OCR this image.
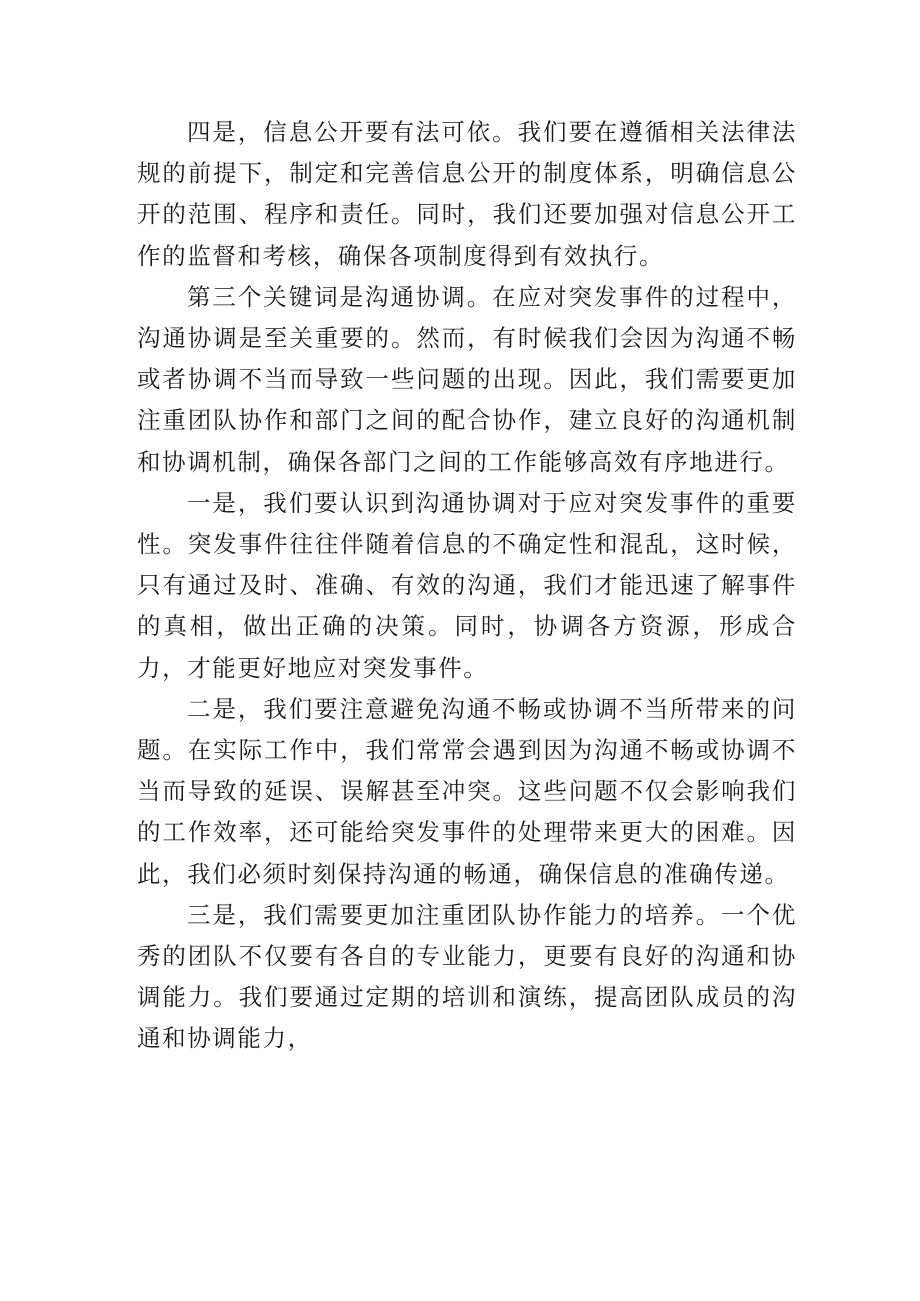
四是，信息公开要有法可依。我们要在遵循相关法律法规的前提下，制定和完善信息公开的制度体系，明确信息公开的范围、程序和责任。同时，我们还要加强对信息公开工作的监督和考核，确保各项制度得到有效执行。

第三个关键词是沟通协调。在应对突发事件的过程中，沟通协调是至关重要的。然而，有时候我们会因为沟通不畅或者协调不当而导致一些问题的出现。因此，我们需要更加注重团队协作和部门之间的配合协作，建立良好的沟通机制和协调机制，确保各部门之间的工作能够高效有序地进行。

一是，我们要认识到沟通协调对于应对突发事件的重要性。突发事件往往伴随着信息的不确定性和混乱，这时候，只有通过及时、准确、有效的沟通，我们才能迅速了解事件的真相，做出正确的决策。同时，协调各方资源，形成合力，才能更好地应对突发事件。

二是，我们要注意避免沟通不畅或协调不当所带来的问题。在实际工作中，我们常常会遇到因为沟通不畅或协调不当而导致的延误、误解甚至冲突。这些问题不仅会影响我们的工作效率，还可能给突发事件的处理带来更大的困难。因此，我们必须时刻保持沟通的畅通，确保信息的准确传递。

三是，我们需要更加注重团队协作能力的培养。一个优秀的团队不仅要有各自的专业能力，更要有良好的沟通和协调能力。我们要通过定期的培训和演练，提高团队成员的沟通和协调能力，
